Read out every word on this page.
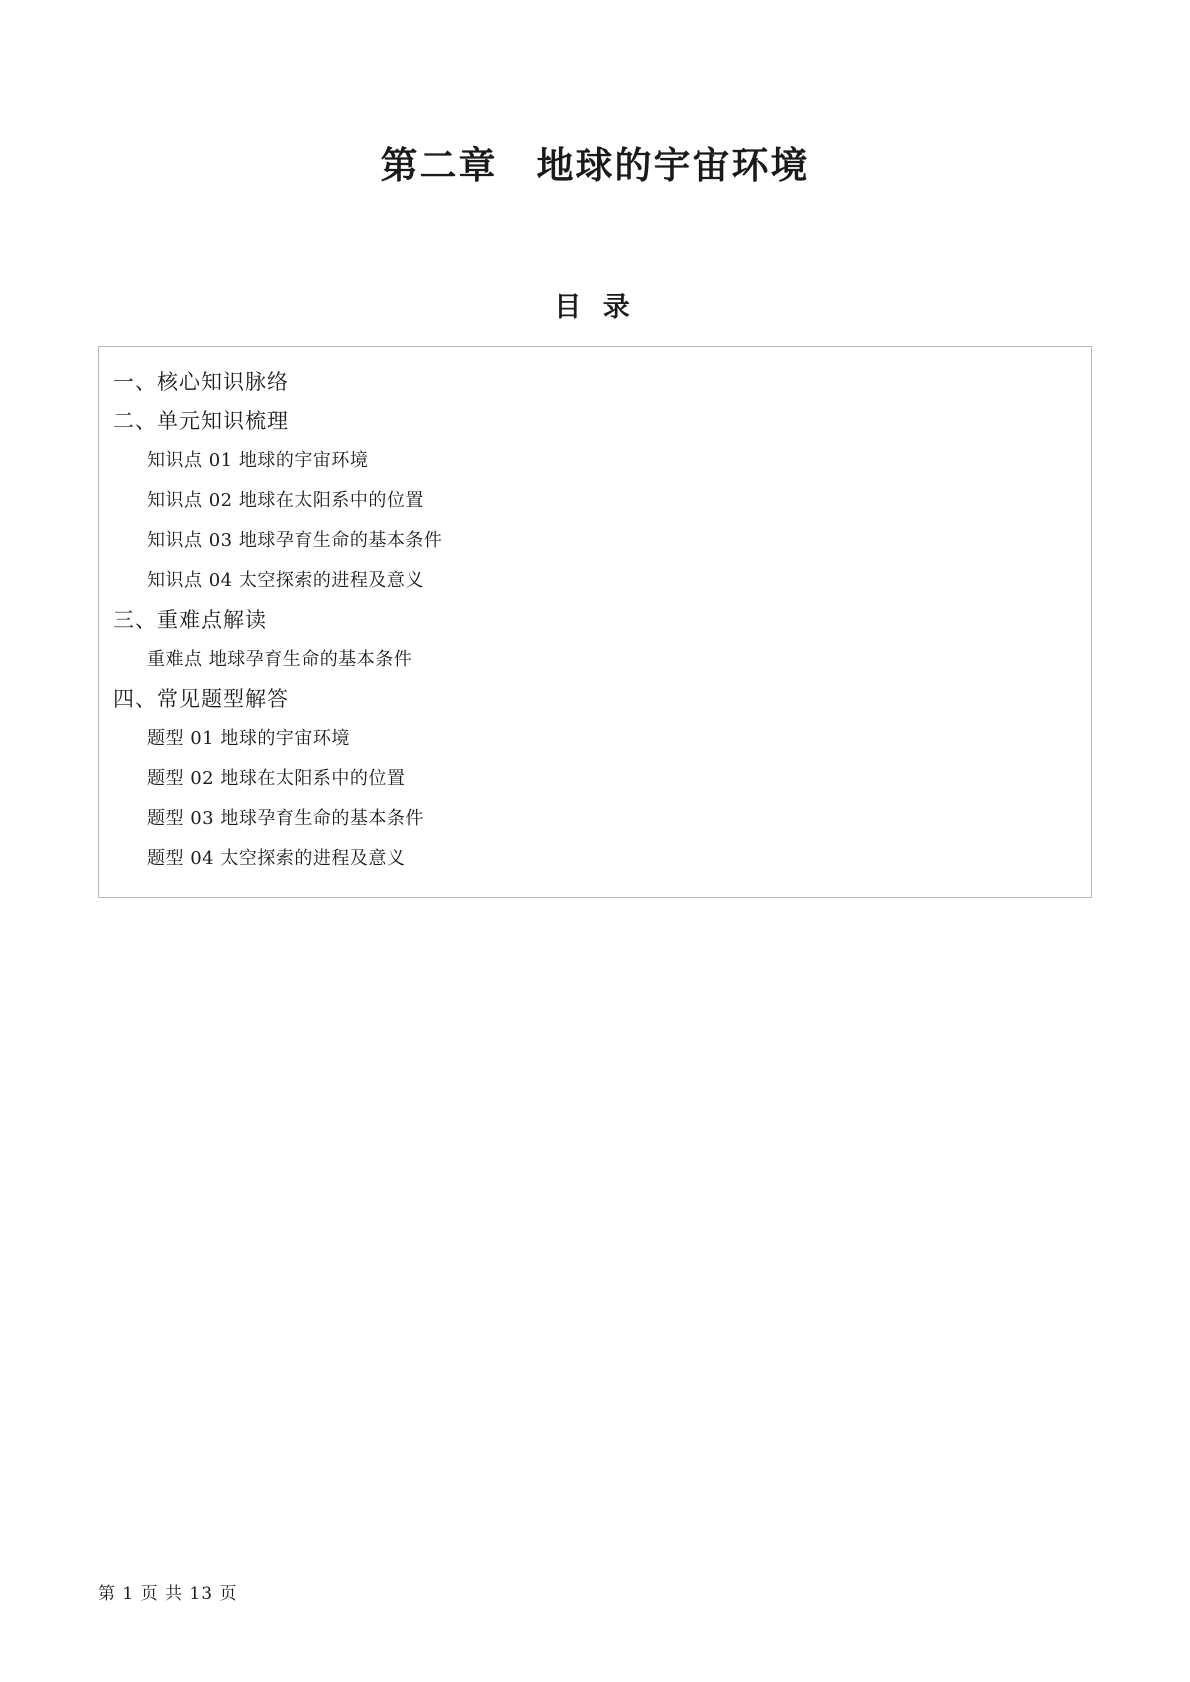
第二章　地球的宇宙环境
目 录
一、核心知识脉络
二、单元知识梳理
知识点 01 地球的宇宙环境
知识点 02 地球在太阳系中的位置
知识点 03 地球孕育生命的基本条件
知识点 04 太空探索的进程及意义
三、重难点解读
重难点 地球孕育生命的基本条件
四、常见题型解答
题型 01 地球的宇宙环境
题型 02 地球在太阳系中的位置
题型 03 地球孕育生命的基本条件
题型 04 太空探索的进程及意义
第 1 页 共 13 页
